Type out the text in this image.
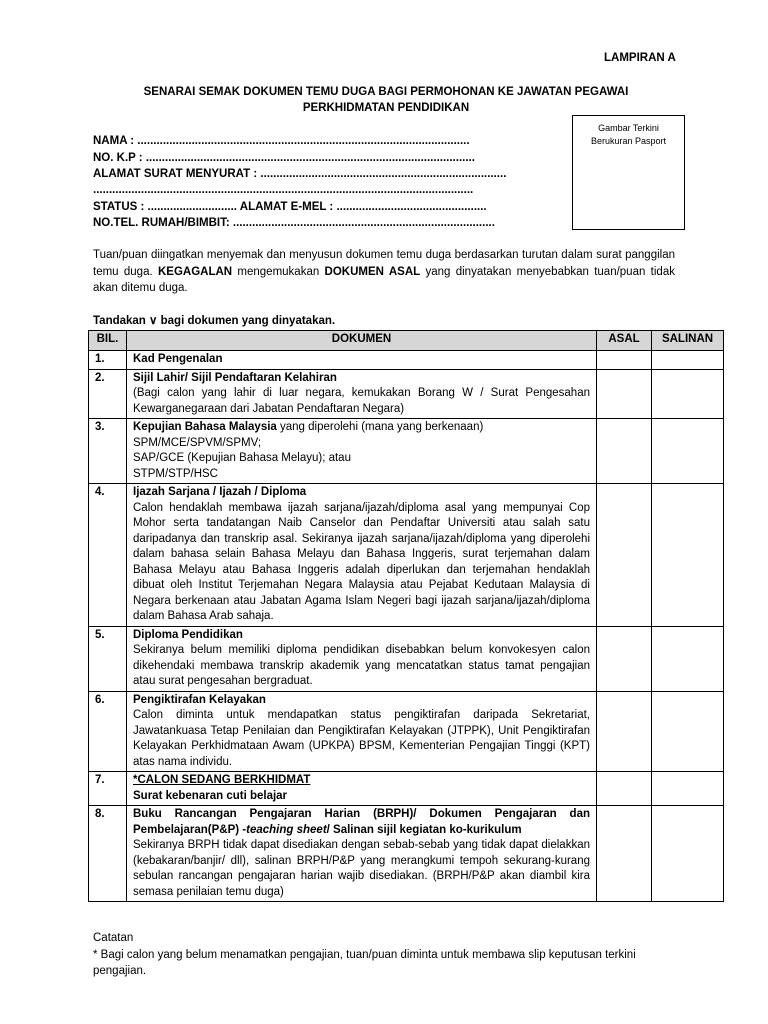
LAMPIRAN A
SENARAI SEMAK DOKUMEN TEMU DUGA BAGI PERMOHONAN KE JAWATAN PEGAWAI
PERKHIDMATAN PENDIDIKAN
Gambar Terkini
Berukuran Pasport
NAMA : ........................................................................................................
NO. K.P : .......................................................................................................
ALAMAT SURAT MENYURAT : .............................................................................
.......................................................................................................................
STATUS : ............................ ALAMAT E-MEL : ...............................................
NO.TEL. RUMAH/BIMBIT: ..................................................................................
Tuan/puan diingatkan menyemak dan menyusun dokumen temu duga berdasarkan turutan dalam surat panggilan temu duga. KEGAGALAN mengemukakan DOKUMEN ASAL yang dinyatakan menyebabkan tuan/puan tidak akan ditemu duga.
Tandakan ∨ bagi dokumen yang dinyatakan.
BIL.	DOKUMEN	ASAL	SALINAN
1.	Kad Pengenalan		
2.	Sijil Lahir/ Sijil Pendaftaran Kelahiran
(Bagi calon yang lahir di luar negara, kemukakan Borang W / Surat Pengesahan Kewarganegaraan dari Jabatan Pendaftaran Negara)		

3.	Kepujian Bahasa Malaysia yang diperolehi (mana yang berkenaan)
SPM/MCE/SPVM/SPMV;
SAP/GCE (Kepujian Bahasa Melayu); atau
STPM/STP/HSC		

4.	Ijazah Sarjana / Ijazah / Diploma
Calon hendaklah membawa ijazah sarjana/ijazah/diploma asal yang mempunyai Cop Mohor serta tandatangan Naib Canselor dan Pendaftar Universiti atau salah satu daripadanya dan transkrip asal. Sekiranya ijazah sarjana/ijazah/diploma yang diperolehi dalam bahasa selain Bahasa Melayu dan Bahasa Inggeris, surat terjemahan dalam Bahasa Melayu atau Bahasa Inggeris adalah diperlukan dan terjemahan hendaklah dibuat oleh Institut Terjemahan Negara Malaysia atau Pejabat Kedutaan Malaysia di Negara berkenaan atau Jabatan Agama Islam Negeri bagi ijazah sarjana/ijazah/diploma dalam Bahasa Arab sahaja.		

5.	Diploma Pendidikan
Sekiranya belum memiliki diploma pendidikan disebabkan belum konvokesyen calon dikehendaki membawa transkrip akademik yang mencatatkan status tamat pengajian atau surat pengesahan bergraduat.		

6.	Pengiktirafan Kelayakan
Calon diminta untuk mendapatkan status pengiktirafan daripada Sekretariat, Jawatankuasa Tetap Penilaian dan Pengiktirafan Kelayakan (JTPPK), Unit Pengiktirafan Kelayakan Perkhidmataan Awam (UPKPA) BPSM, Kementerian Pengajian Tinggi (KPT) atas nama individu.		

7.	*CALON SEDANG BERKHIDMAT
Surat kebenaran cuti belajar		

8.	Buku Rancangan Pengajaran Harian (BRPH)/ Dokumen Pengajaran dan Pembelajaran(P&P) -teaching sheet/ Salinan sijil kegiatan ko-kurikulum
Sekiranya BRPH tidak dapat disediakan dengan sebab-sebab yang tidak dapat dielakkan (kebakaran/banjir/ dll), salinan BRPH/P&P yang merangkumi tempoh sekurang-kurang sebulan rancangan pengajaran harian wajib disediakan. (BRPH/P&P akan diambil kira semasa penilaian temu duga)		

Catatan
* Bagi calon yang belum menamatkan pengajian, tuan/puan diminta untuk membawa slip keputusan terkini pengajian.
